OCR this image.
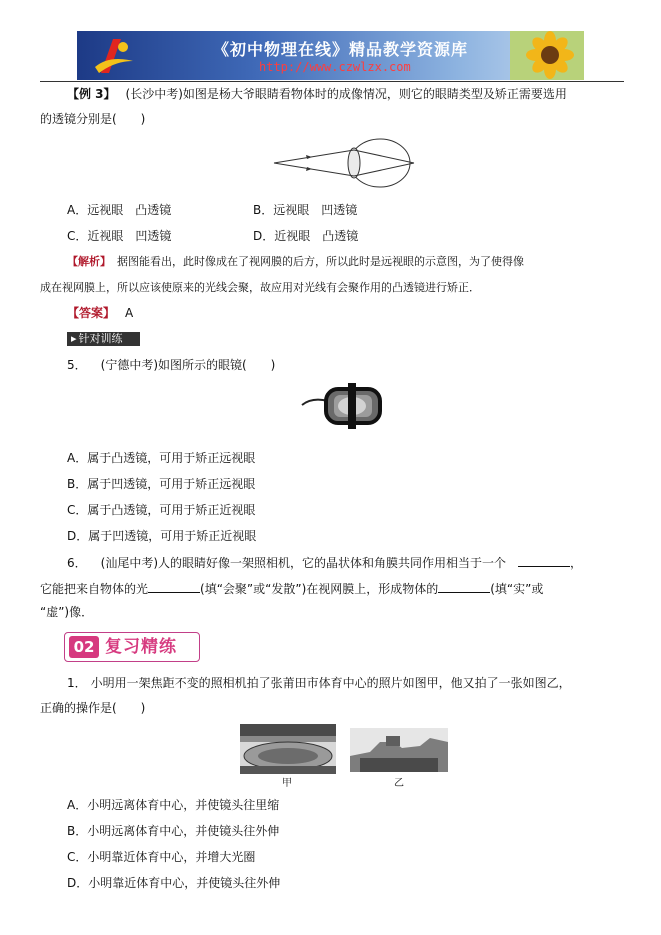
《初中物理在线》精品教学资源库
http://www.czwlzx.com
【例 3】 (长沙中考)如图是杨大爷眼睛看物体时的成像情况，则它的眼睛类型及矫正需要选用
的透镜分别是(　　)
A．远视眼　凸透镜	B．远视眼　凹透镜
C．近视眼　凹透镜	D．近视眼　凸透镜
【解析】 据图能看出，此时像成在了视网膜的后方，所以此时是远视眼的示意图，为了使得像
成在视网膜上，所以应该使原来的光线会聚，故应用对光线有会聚作用的凸透镜进行矫正．
【答案】 A
▸ 针对训练
5． (宁德中考)如图所示的眼镜(　　)
A．属于凸透镜，可用于矫正远视眼
B．属于凹透镜，可用于矫正远视眼
C．属于凸透镜，可用于矫正近视眼
D．属于凹透镜，可用于矫正近视眼
6． (汕尾中考)人的眼睛好像一架照相机，它的晶状体和角膜共同作用相当于一个	，
它能把来自物体的光	(填“会聚”或“发散”)在视网膜上，形成物体的	(填“实”或
“虚”)像．
02 复习精练
1． 小明用一架焦距不变的照相机拍了张莆田市体育中心的照片如图甲，他又拍了一张如图乙，
正确的操作是(　　)
甲	乙
A．小明远离体育中心，并使镜头往里缩
B．小明远离体育中心，并使镜头往外伸
C．小明靠近体育中心，并增大光圈
D．小明靠近体育中心，并使镜头往外伸
